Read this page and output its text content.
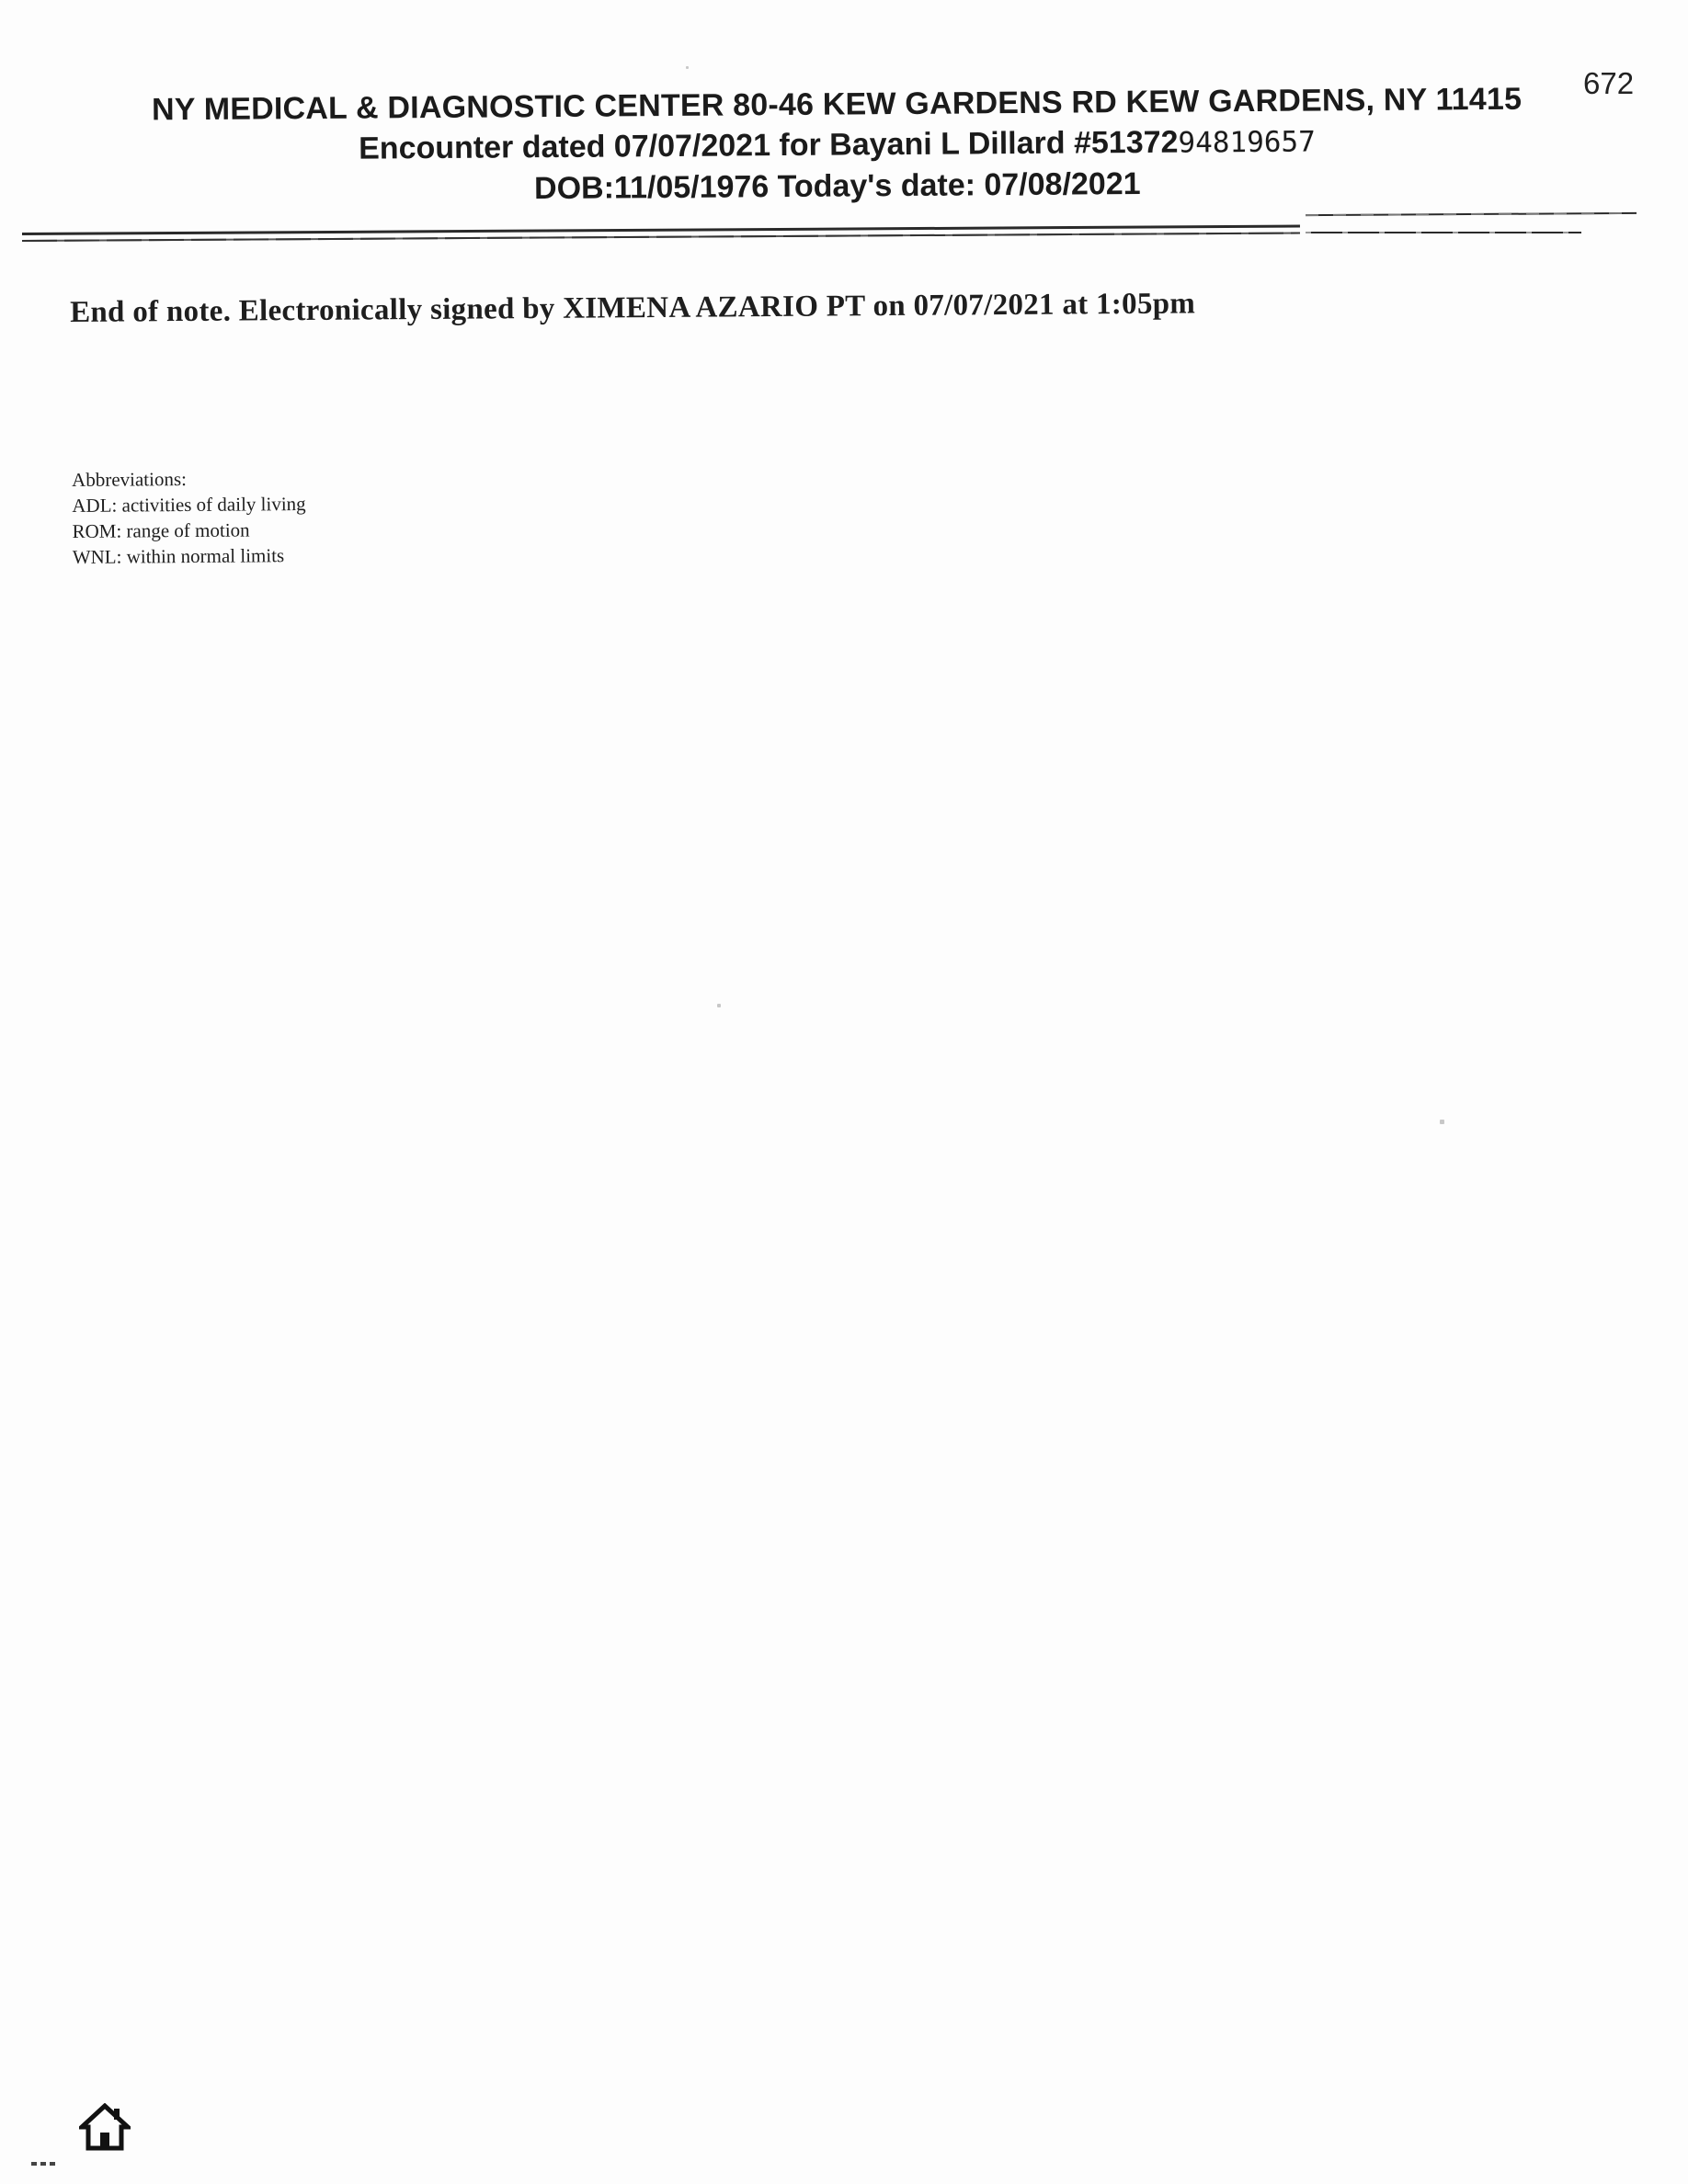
672
NY MEDICAL & DIAGNOSTIC CENTER 80-46 KEW GARDENS RD KEW GARDENS, NY 11415
Encounter dated 07/07/2021 for Bayani L Dillard #5137294819657
DOB:11/05/1976 Today's date: 07/08/2021
End of note. Electronically signed by XIMENA AZARIO PT on 07/07/2021 at 1:05pm
Abbreviations:
ADL: activities of daily living
ROM: range of motion
WNL: within normal limits
